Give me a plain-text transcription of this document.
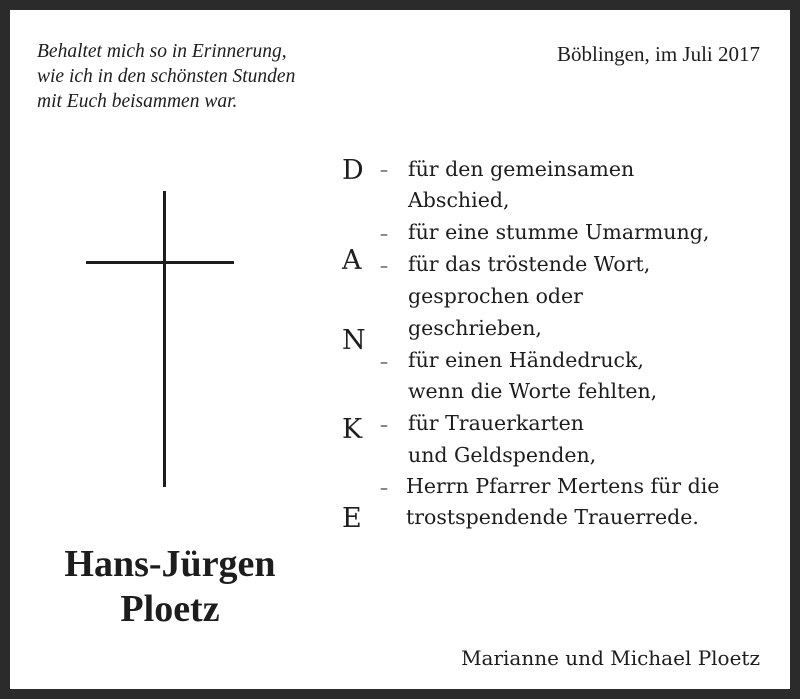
Behaltet mich so in Erinnerung,
wie ich in den schönsten Stunden
mit Euch beisammen war.

Böblingen, im Juli 2017
Hans-Jürgen
Ploetz
D
A
N
K
E
–
–
–
–
–
–
für den gemeinsamen
Abschied,
für eine stumme Umarmung,
für das tröstende Wort,
gesprochen oder
geschrieben,
für einen Händedruck,
wenn die Worte fehlten,
für Trauerkarten
und Geldspenden,
Herrn Pfarrer Mertens für die
trostspendende Trauerrede.
Marianne und Michael Ploetz
